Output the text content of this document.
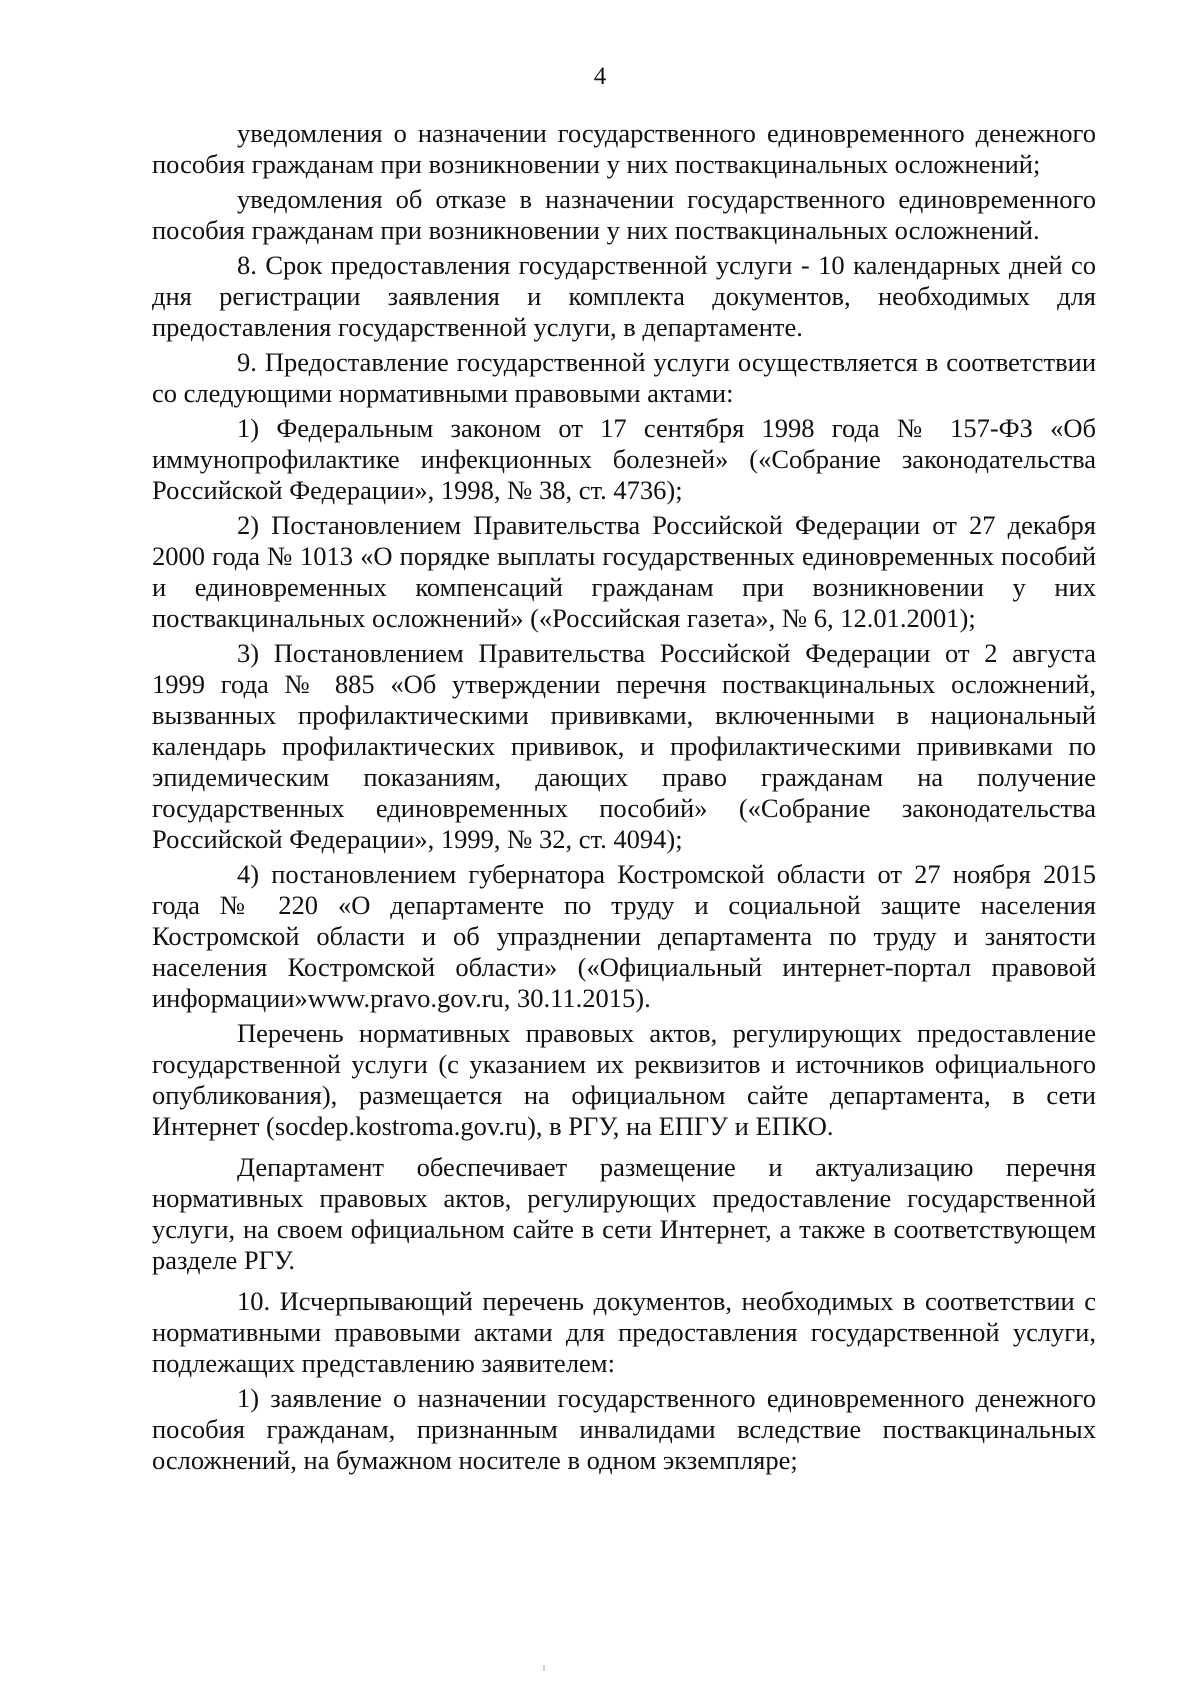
4

уведомления о назначении государственного единовременного денежного пособия гражданам при возникновении у них поствакцинальных осложнений;

уведомления об отказе в назначении государственного единовременного пособия гражданам при возникновении у них поствакцинальных осложнений.

8. Срок предоставления государственной услуги - 10 календарных дней со дня регистрации заявления и комплекта документов, необходимых для предоставления государственной услуги, в департаменте.

9. Предоставление государственной услуги осуществляется в соответствии со следующими нормативными правовыми актами:

1) Федеральным законом от 17 сентября 1998 года № 157-ФЗ «Об иммунопрофилактике инфекционных болезней» («Собрание законодательства Российской Федерации», 1998, № 38, ст. 4736);

2) Постановлением Правительства Российской Федерации от 27 декабря 2000 года № 1013 «О порядке выплаты государственных единовременных пособий и единовременных компенсаций гражданам при возникновении у них поствакцинальных осложнений» («Российская газета», № 6, 12.01.2001);

3) Постановлением Правительства Российской Федерации от 2 августа 1999 года № 885 «Об утверждении перечня поствакцинальных осложнений, вызванных профилактическими прививками, включенными в национальный календарь профилактических прививок, и профилактическими прививками по эпидемическим показаниям, дающих право гражданам на получение государственных единовременных пособий» («Собрание законодательства Российской Федерации», 1999, № 32, ст. 4094);

4) постановлением губернатора Костромской области от 27 ноября 2015 года № 220 «О департаменте по труду и социальной защите населения Костромской области и об упразднении департамента по труду и занятости населения Костромской области» («Официальный интернет-портал правовой информации»www.pravo.gov.ru, 30.11.2015).

Перечень нормативных правовых актов, регулирующих предоставление государственной услуги (с указанием их реквизитов и источников официального опубликования), размещается на официальном сайте департамента, в сети Интернет (socdep.kostroma.gov.ru), в РГУ, на ЕПГУ и ЕПКО.

Департамент обеспечивает размещение и актуализацию перечня нормативных правовых актов, регулирующих предоставление государственной услуги, на своем официальном сайте в сети Интернет, а также в соответствующем разделе РГУ.

10. Исчерпывающий перечень документов, необходимых в соответствии с нормативными правовыми актами для предоставления государственной услуги, подлежащих представлению заявителем:

1) заявление о назначении государственного единовременного денежного пособия гражданам, признанным инвалидами вследствие поствакцинальных осложнений, на бумажном носителе в одном экземпляре;
